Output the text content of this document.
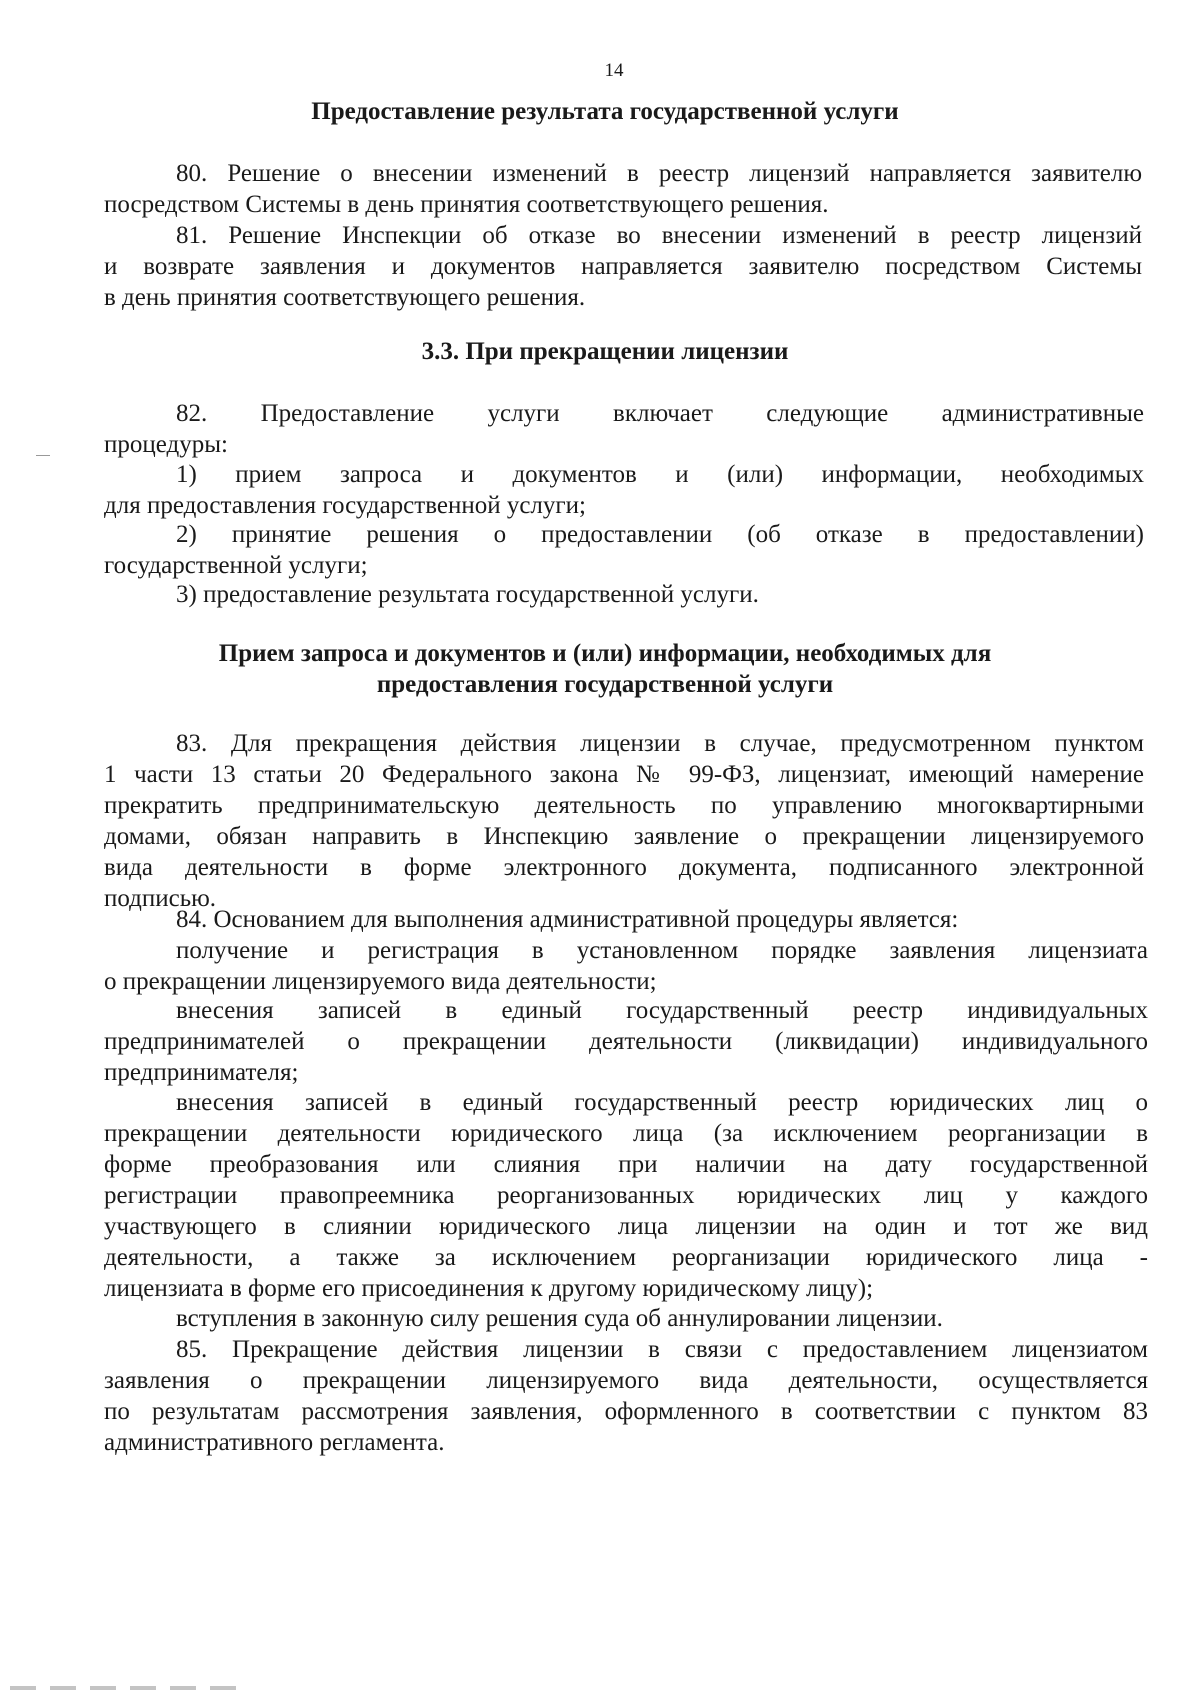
14
Предоставление результата государственной услуги
80. Решение о внесении изменений в реестр лицензий направляется заявителю
посредством Системы в день принятия соответствующего решения.
81. Решение Инспекции об отказе во внесении изменений в реестр лицензий
и возврате заявления и документов направляется заявителю посредством Системы
в день принятия соответствующего решения.
3.3. При прекращении лицензии
82. Предоставление услуги включает следующие административные
процедуры:
1) прием запроса и документов и (или) информации, необходимых
для предоставления государственной услуги;
2) принятие решения о предоставлении (об отказе в предоставлении)
государственной услуги;
3) предоставление результата государственной услуги.
Прием запроса и документов и (или) информации, необходимых для
предоставления государственной услуги
83. Для прекращения действия лицензии в случае, предусмотренном пунктом
1 части 13 статьи 20 Федерального закона № 99-ФЗ, лицензиат, имеющий намерение
прекратить предпринимательскую деятельность по управлению многоквартирными
домами, обязан направить в Инспекцию заявление о прекращении лицензируемого
вида деятельности в форме электронного документа, подписанного электронной
подписью.
84. Основанием для выполнения административной процедуры является:
получение и регистрация в установленном порядке заявления лицензиата
о прекращении лицензируемого вида деятельности;
внесения записей в единый государственный реестр индивидуальных
предпринимателей о прекращении деятельности (ликвидации) индивидуального
предпринимателя;
внесения записей в единый государственный реестр юридических лиц о
прекращении деятельности юридического лица (за исключением реорганизации в
форме преобразования или слияния при наличии на дату государственной
регистрации правопреемника реорганизованных юридических лиц у каждого
участвующего в слиянии юридического лица лицензии на один и тот же вид
деятельности, а также за исключением реорганизации юридического лица -
лицензиата в форме его присоединения к другому юридическому лицу);
вступления в законную силу решения суда об аннулировании лицензии.
85. Прекращение действия лицензии в связи с предоставлением лицензиатом
заявления о прекращении лицензируемого вида деятельности, осуществляется
по результатам рассмотрения заявления, оформленного в соответствии с пунктом 83
административного регламента.
